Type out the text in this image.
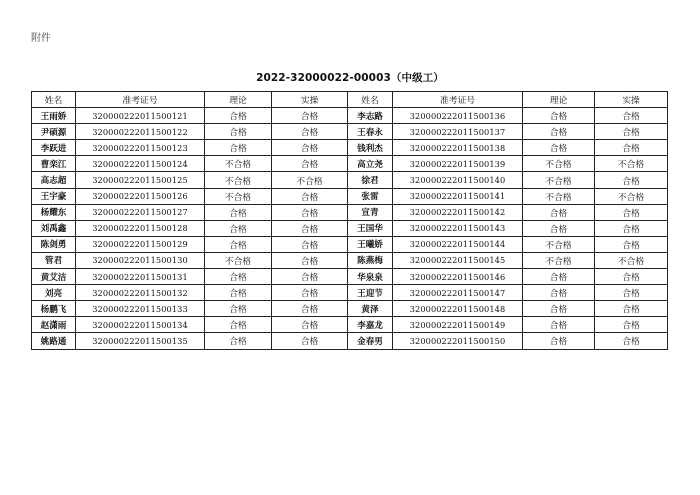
附件
2022-32000022-00003（中级工）
姓名	准考证号	理论	实操	姓名	准考证号	理论	实操
王雨娇	320000222011500121	合格	合格	李志路	320000222011500136	合格	合格
尹硕源	320000222011500122	合格	合格	王春永	320000222011500137	合格	合格
李跃进	320000222011500123	合格	合格	钱利杰	320000222011500138	合格	合格
曹栾江	320000222011500124	不合格	合格	高立尧	320000222011500139	不合格	不合格
高志超	320000222011500125	不合格	不合格	徐君	320000222011500140	不合格	合格
王宇豪	320000222011500126	不合格	合格	张雷	320000222011500141	不合格	不合格
杨耀东	320000222011500127	合格	合格	宣青	320000222011500142	合格	合格
刘禹鑫	320000222011500128	合格	合格	王国华	320000222011500143	合格	合格
陈剑勇	320000222011500129	合格	合格	王曦娇	320000222011500144	不合格	合格
管君	320000222011500130	不合格	合格	陈燕梅	320000222011500145	不合格	不合格
黄艾洁	320000222011500131	合格	合格	华泉泉	320000222011500146	合格	合格
刘亮	320000222011500132	合格	合格	王迎节	320000222011500147	合格	合格
杨鹏飞	320000222011500133	合格	合格	黄泽	320000222011500148	合格	合格
赵潇雨	320000222011500134	合格	合格	李嘉龙	320000222011500149	合格	合格
姚路通	320000222011500135	合格	合格	金春男	320000222011500150	合格	合格
